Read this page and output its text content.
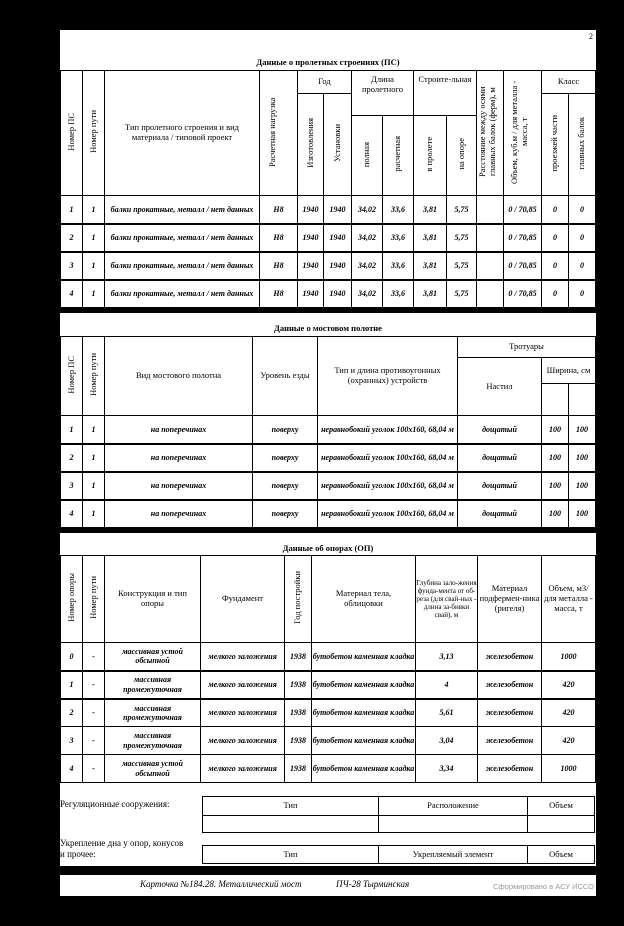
2
Данные о пролетных строениях (ПС)
Номер ПС	Номер пути	Тип пролетного строения и вид материала / типовой проект	Расчетная нагрузка	Год		Длина пролетного		Строите-льная		Расстояние между осями главных балок (ферм), м	Объем, куб.м / для металла - масса, т	Класс	
				Изготовления	Установки							проезжей части	главных балок
						полная	расчетная	в пролете	на опоре				
1	1	балки прокатные, металл / нет данных	Н8	1940	1940	34,02	33,6	3,81	5,75		0 / 70,85	0	0
2	1	балки прокатные, металл / нет данных	Н8	1940	1940	34,02	33,6	3,81	5,75		0 / 70,85	0	0
3	1	балки прокатные, металл / нет данных	Н8	1940	1940	34,02	33,6	3,81	5,75		0 / 70,85	0	0
4	1	балки прокатные, металл / нет данных	Н8	1940	1940	34,02	33,6	3,81	5,75		0 / 70,85	0	0
Данные о мостовом полотне
Номер ПС	Номер пути	Вид мостового полотна	Уровень езды	Тип и длина противоугонных (охранных) устройств	Тротуары		
					Настил	Ширина, см	

1	1	на поперечинах	поверху	неравнобокий уголок 100х160, 68,04 м	дощатый	100	100
2	1	на поперечинах	поверху	неравнобокий уголок 100х160, 68,04 м	дощатый	100	100
3	1	на поперечинах	поверху	неравнобокий уголок 100х160, 68,04 м	дощатый	100	100
4	1	на поперечинах	поверху	неравнобокий уголок 100х160, 68,04 м	дощатый	100	100
Данные об опорах (ОП)
Номер опоры	Номер пути	Конструкция и тип опоры	Фундамент	Год постройки	Материал тела, облицовки	Глубина зало-жения фунда-мента от об-реза (для свай-ных - длина за-бивки свай), м	Материал подфермен-ника (ригеля)	Объем, м3/ для металла - масса, т
0	-	массивная устой обсыпной	мелкого заложения	1938	бутобетон каменная кладка	3,13	железобетон	1000
1	-	массивная промежуточная	мелкого заложения	1938	бутобетон каменная кладка	4	железобетон	420
2	-	массивная промежуточная	мелкого заложения	1938	бутобетон каменная кладка	5,61	железобетон	420
3	-	массивная промежуточная	мелкого заложения	1938	бутобетон каменная кладка	3,04	железобетон	420
4	-	массивная устой обсыпной	мелкого заложения	1938	бутобетон каменная кладка	3,34	железобетон	1000
Регуляционные сооружения:	Тип	Расположение	Объем

Укрепление дна у опор, конусов и прочее:	Тип	Укрепляемый элемент	Объем
Карточка №184.28. Металлический мост	ПЧ-28 Тырминская	Сформировано в АСУ ИССО
